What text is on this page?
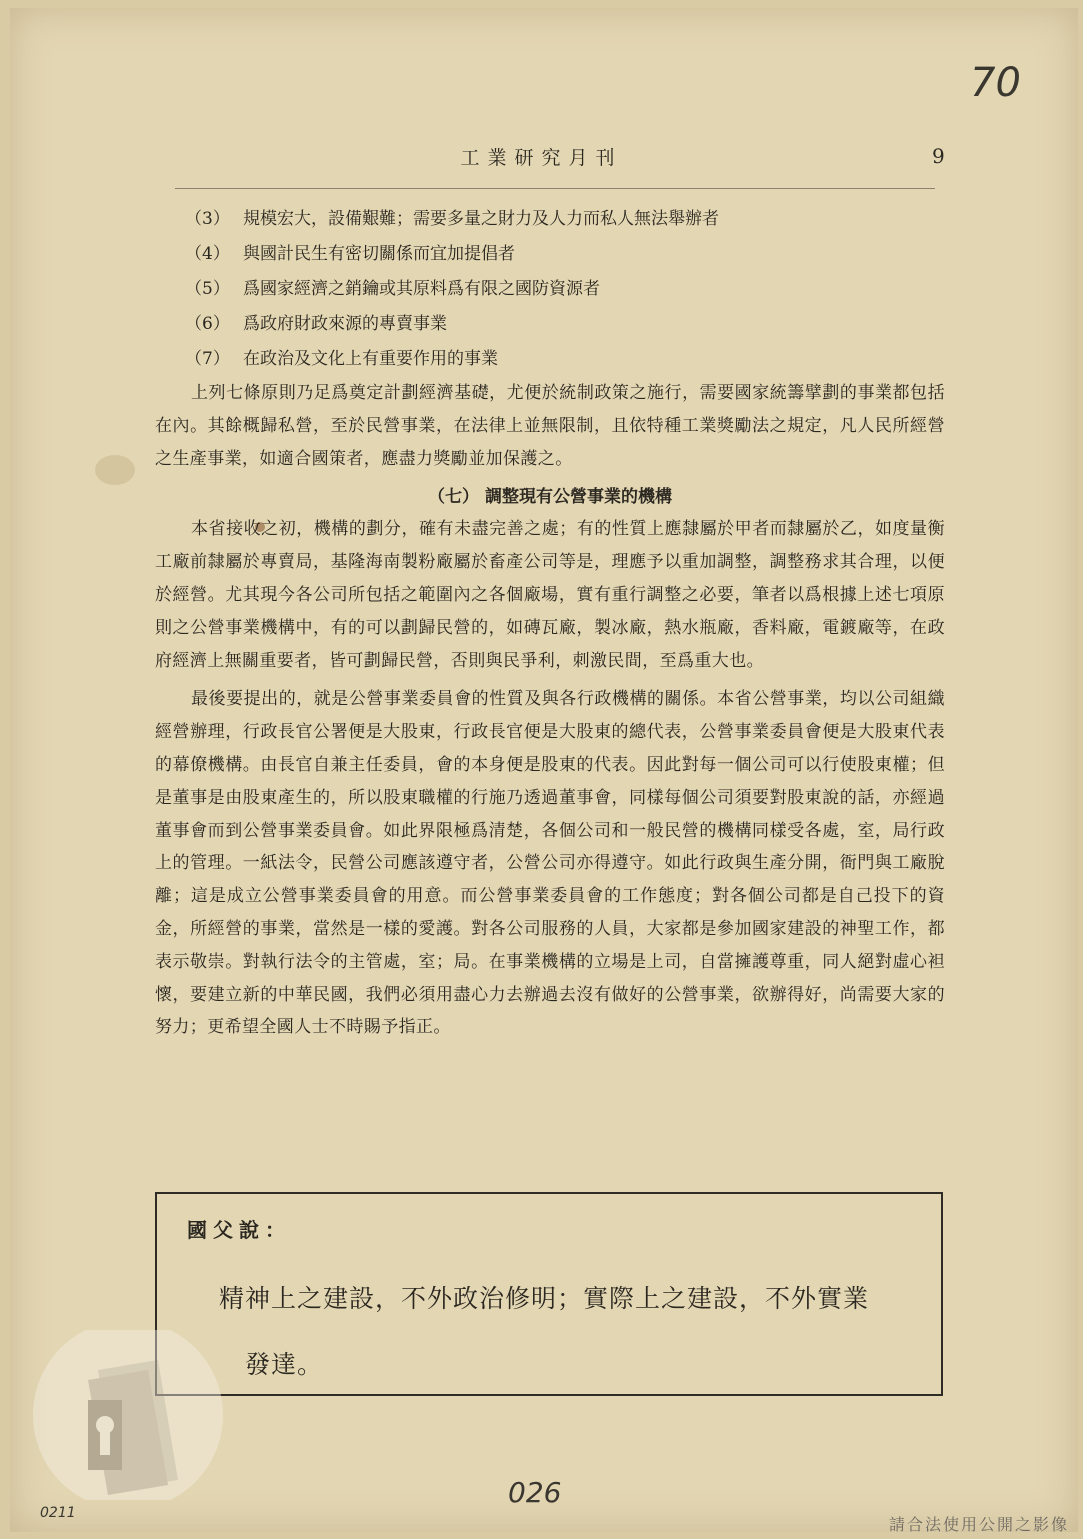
70
工業研究月刊	9
（3） 規模宏大，設備艱難；需要多量之財力及人力而私人無法舉辦者
（4） 與國計民生有密切關係而宜加提倡者
（5） 爲國家經濟之銷鑰或其原料爲有限之國防資源者
（6） 爲政府財政來源的專賣事業
（7） 在政治及文化上有重要作用的事業

上列七條原則乃足爲奠定計劃經濟基礎，尤便於統制政策之施行，需要國家統籌擘劃的事業都包括在內。其餘概歸私營，至於民營事業，在法律上並無限制，且依特種工業獎勵法之規定，凡人民所經營之生產事業，如適合國策者，應盡力獎勵並加保護之。

（七） 調整現有公營事業的機構

本省接收之初，機構的劃分，確有未盡完善之處；有的性質上應隸屬於甲者而隸屬於乙，如度量衡工廠前隸屬於專賣局，基隆海南製粉廠屬於畜產公司等是，理應予以重加調整，調整務求其合理，以便於經營。尤其現今各公司所包括之範圍內之各個廠場，實有重行調整之必要，筆者以爲根據上述七項原則之公營事業機構中，有的可以劃歸民營的，如磚瓦廠，製冰廠，熱水瓶廠，香料廠，電鍍廠等，在政府經濟上無關重要者，皆可劃歸民營，否則與民爭利，刺激民間，至爲重大也。

最後要提出的，就是公營事業委員會的性質及與各行政機構的關係。本省公營事業，均以公司組織經營辦理，行政長官公署便是大股東，行政長官便是大股東的總代表，公營事業委員會便是大股東代表的幕僚機構。由長官自兼主任委員，會的本身便是股東的代表。因此對每一個公司可以行使股東權；但是董事是由股東產生的，所以股東職權的行施乃透過董事會，同樣每個公司須要對股東說的話，亦經過董事會而到公營事業委員會。如此界限極爲清楚，各個公司和一般民營的機構同樣受各處，室，局行政上的管理。一紙法令，民營公司應該遵守者，公營公司亦得遵守。如此行政與生產分開，衙門與工廠脫離；這是成立公營事業委員會的用意。而公營事業委員會的工作態度；對各個公司都是自己投下的資金，所經營的事業，當然是一樣的愛護。對各公司服務的人員，大家都是參加國家建設的神聖工作，都表示敬崇。對執行法令的主管處，室；局。在事業機構的立場是上司，自當擁護尊重，同人絕對虛心袒懷，要建立新的中華民國，我們必須用盡心力去辦過去沒有做好的公營事業，欲辦得好，尚需要大家的努力；更希望全國人士不時賜予指正。

國父說：
精神上之建設，不外政治修明；實際上之建設，不外實業
發達。
026
0211
請合法使用公開之影像
